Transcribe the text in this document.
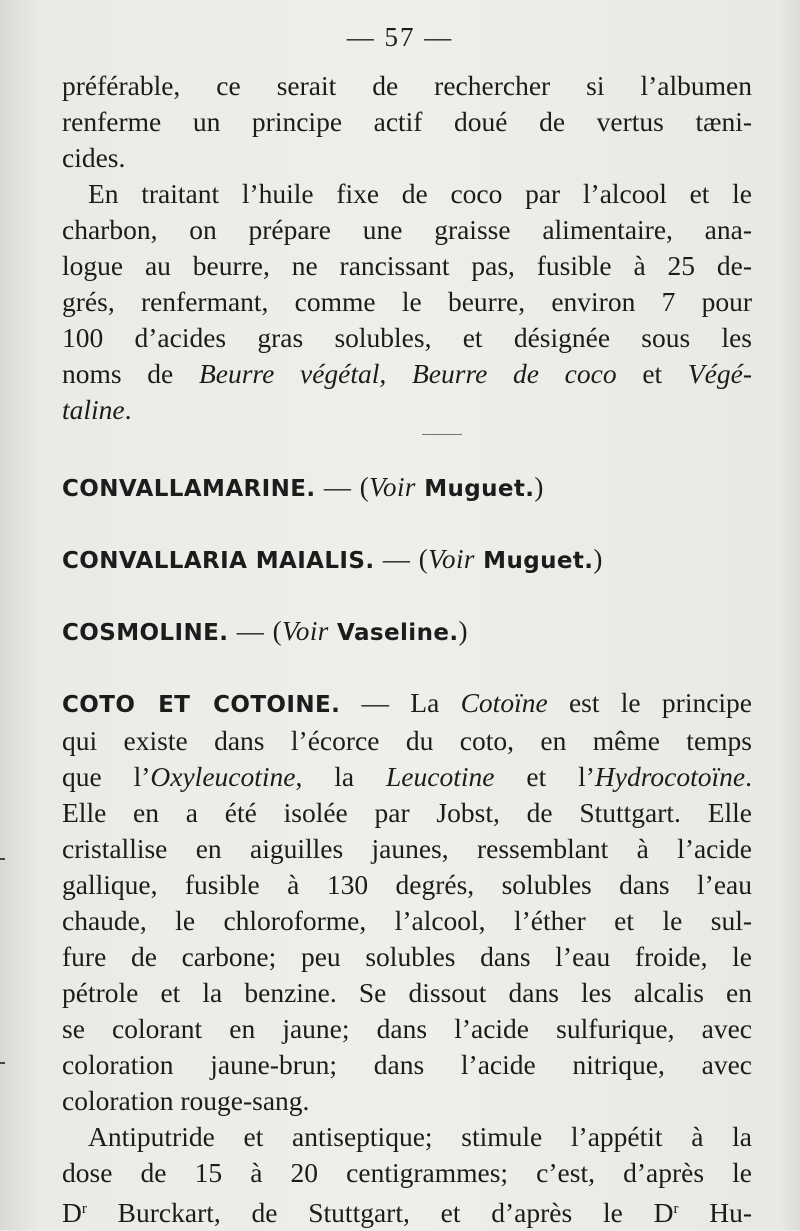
— 57 —
préférable, ce serait de rechercher si l’albumen
renferme un principe actif doué de vertus tæni-
cides.
En traitant l’huile fixe de coco par l’alcool et le
charbon, on prépare une graisse alimentaire, ana-
logue au beurre, ne rancissant pas, fusible à 25 de-
grés, renfermant, comme le beurre, environ 7 pour
100 d’acides gras solubles, et désignée sous les
noms de Beurre végétal, Beurre de coco et Végé-
taline.
CONVALLAMARINE. — (Voir Muguet.)
CONVALLARIA MAIALIS. — (Voir Muguet.)
COSMOLINE. — (Voir Vaseline.)
COTO ET COTOINE. — La Cotoïne est le principe
qui existe dans l’écorce du coto, en même temps
que l’Oxyleucotine, la Leucotine et l’Hydrocotoïne.
Elle en a été isolée par Jobst, de Stuttgart. Elle
cristallise en aiguilles jaunes, ressemblant à l’acide
gallique, fusible à 130 degrés, solubles dans l’eau
chaude, le chloroforme, l’alcool, l’éther et le sul-
fure de carbone; peu solubles dans l’eau froide, le
pétrole et la benzine. Se dissout dans les alcalis en
se colorant en jaune; dans l’acide sulfurique, avec
coloration jaune-brun; dans l’acide nitrique, avec
coloration rouge-sang.
Antiputride et antiseptique; stimule l’appétit à la
dose de 15 à 20 centigrammes; c’est, d’après le
$D^r$ Burckart, de Stuttgart, et d’après le $D^r$ Hu-
